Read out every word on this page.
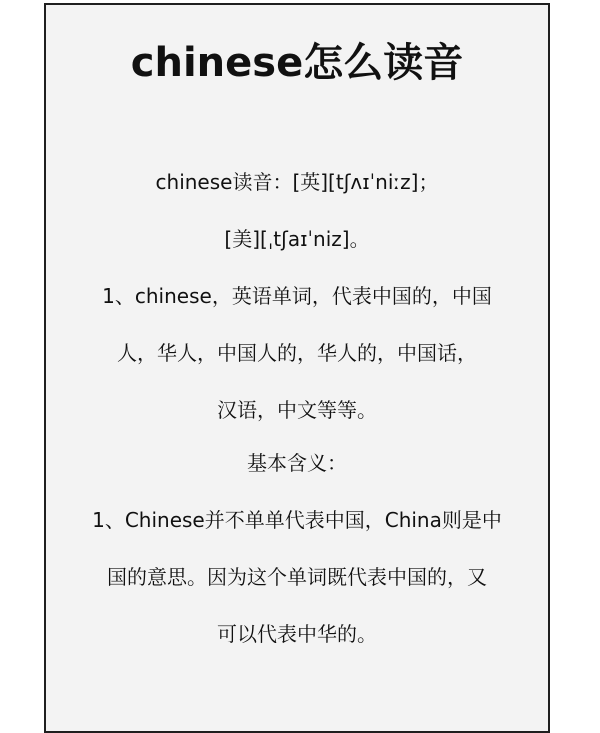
chinese怎么读音
chinese读音：[英][tʃʌɪˈniːz]；
[美][ˌtʃaɪˈniz]。
1、chinese，英语单词，代表中国的，中国
人，华人，中国人的，华人的，中国话，
汉语，中文等等。
基本含义：
1、Chinese并不单单代表中国，China则是中
国的意思。因为这个单词既代表中国的，又
可以代表中华的。
